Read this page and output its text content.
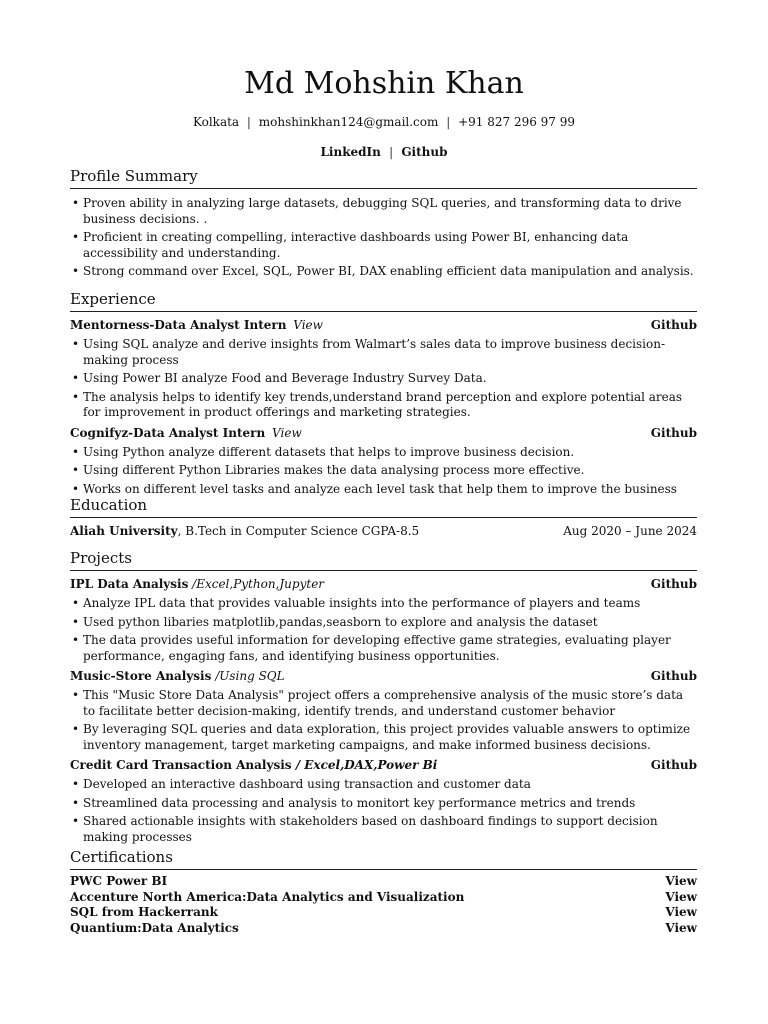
Md Mohshin Khan
Kolkata | mohshinkhan124@gmail.com | +91 827 296 97 99
LinkedIn | Github
Profile Summary
• Proven ability in analyzing large datasets, debugging SQL queries, and transforming data to drive business decisions. .
• Proficient in creating compelling, interactive dashboards using Power BI, enhancing data accessibility and understanding.
• Strong command over Excel, SQL, Power BI, DAX enabling efficient data manipulation and analysis.
Experience
Mentorness-Data Analyst Intern View	Github
• Using SQL analyze and derive insights from Walmart’s sales data to improve business decision-making process
• Using Power BI analyze Food and Beverage Industry Survey Data.
• The analysis helps to identify key trends,understand brand perception and explore potential areas for improvement in product offerings and marketing strategies.
Cognifyz-Data Analyst Intern View	Github
• Using Python analyze different datasets that helps to improve business decision.
• Using different Python Libraries makes the data analysing process more effective.
• Works on different level tasks and analyze each level task that help them to improve the business
Education
Aliah University, B.Tech in Computer Science CGPA-8.5	Aug 2020 – June 2024
Projects
IPL Data Analysis /Excel,Python,Jupyter	Github
• Analyze IPL data that provides valuable insights into the performance of players and teams
• Used python libaries matplotlib,pandas,seasborn to explore and analysis the dataset
• The data provides useful information for developing effective game strategies, evaluating player performance, engaging fans, and identifying business opportunities.
Music-Store Analysis /Using SQL	Github
• This "Music Store Data Analysis" project offers a comprehensive analysis of the music store’s data to facilitate better decision-making, identify trends, and understand customer behavior
• By leveraging SQL queries and data exploration, this project provides valuable answers to optimize inventory management, target marketing campaigns, and make informed business decisions.
Credit Card Transaction Analysis / Excel,DAX,Power Bi	Github
• Developed an interactive dashboard using transaction and customer data
• Streamlined data processing and analysis to monitort key performance metrics and trends
• Shared actionable insights with stakeholders based on dashboard findings to support decision making processes
Certifications
PWC Power BI	View
Accenture North America:Data Analytics and Visualization	View
SQL from Hackerrank	View
Quantium:Data Analytics	View
